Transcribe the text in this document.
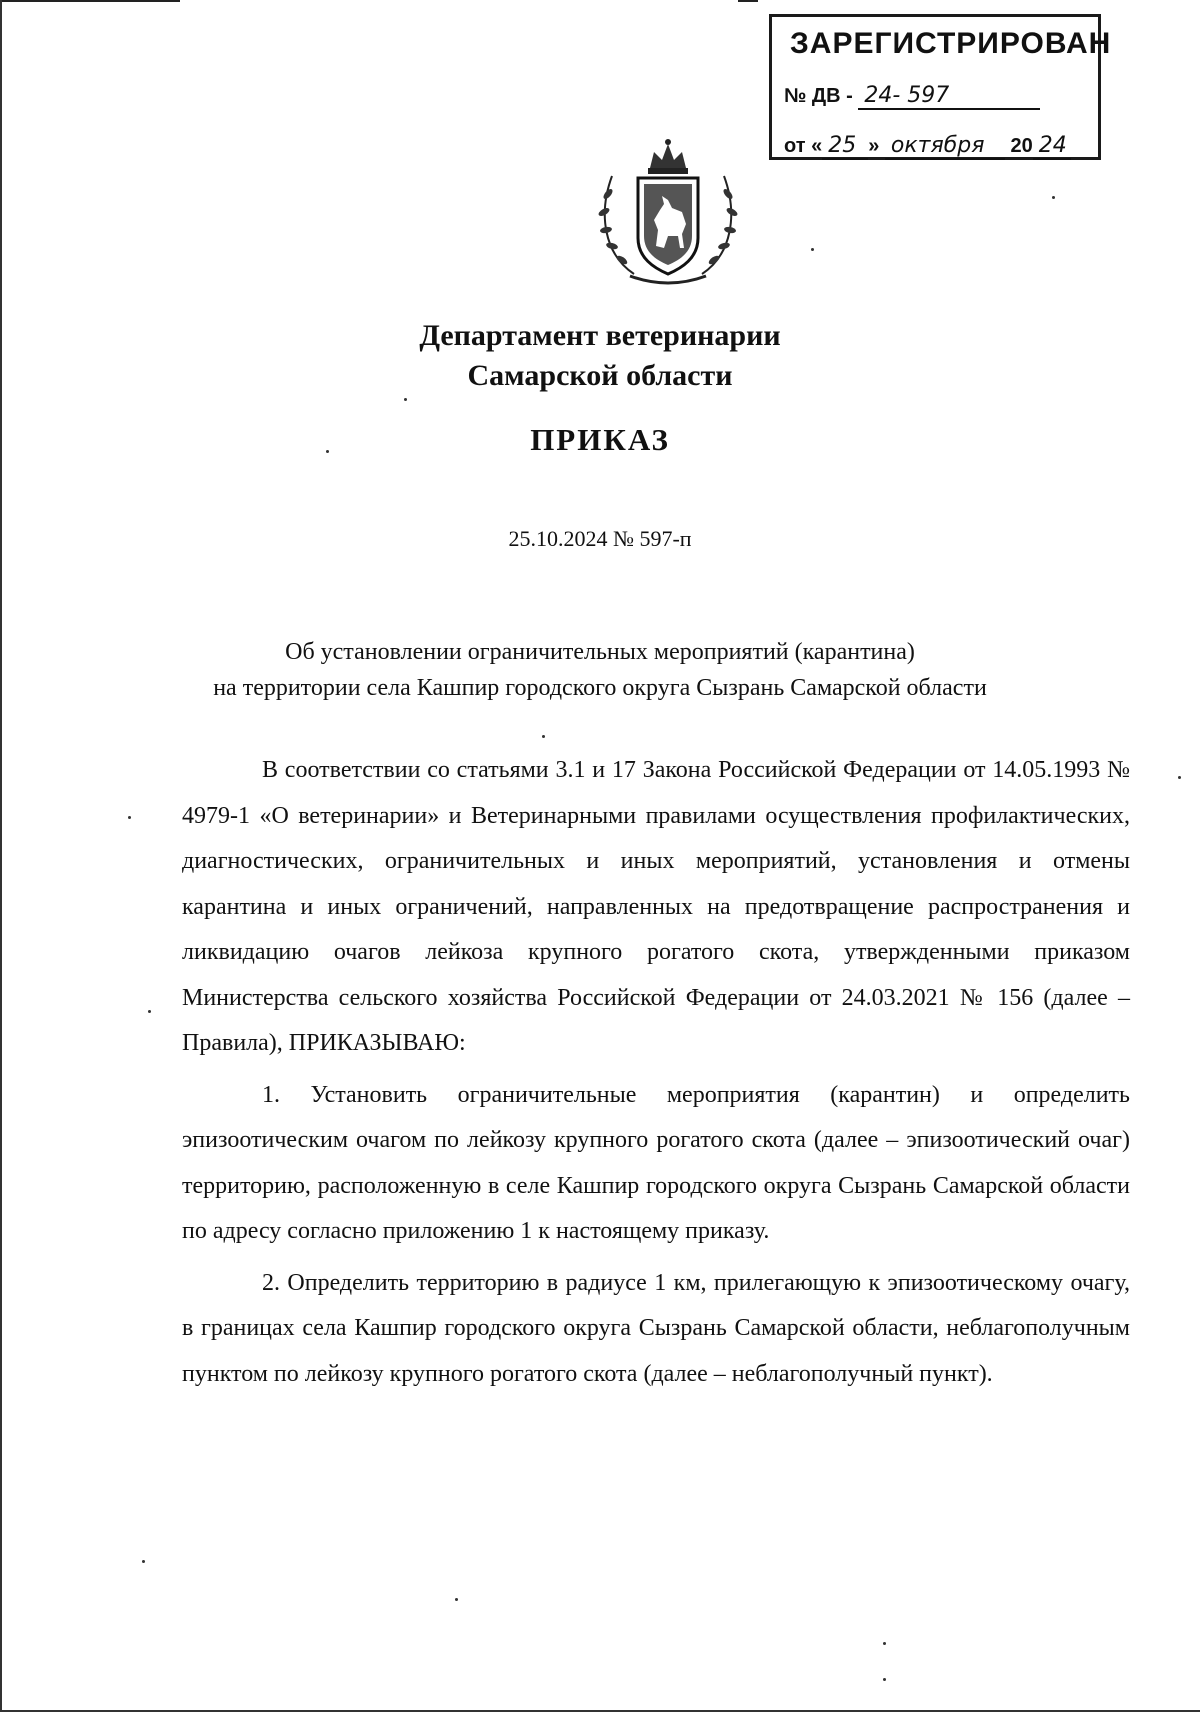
ЗАРЕГИСТРИРОВАН
№ ДВ - 24- 597
от « 25 » октября 20 24
Департамент ветеринарии
Самарской области
ПРИКАЗ
25.10.2024 № 597-п
Об установлении ограничительных мероприятий (карантина)
на территории села Кашпир городского округа Сызрань Самарской области

В соответствии со статьями 3.1 и 17 Закона Российской Федерации от 14.05.1993 № 4979-1 «О ветеринарии» и Ветеринарными правилами осуществления профилактических, диагностических, ограничительных и иных мероприятий, установления и отмены карантина и иных ограничений, направленных на предотвращение распространения и ликвидацию очагов лейкоза крупного рогатого скота, утвержденными приказом Министерства сельского хозяйства Российской Федерации от 24.03.2021 № 156 (далее – Правила), ПРИКАЗЫВАЮ:

1. Установить ограничительные мероприятия (карантин) и определить эпизоотическим очагом по лейкозу крупного рогатого скота (далее – эпизоотический очаг) территорию, расположенную в селе Кашпир городского округа Сызрань Самарской области по адресу согласно приложению 1 к настоящему приказу.

2. Определить территорию в радиусе 1 км, прилегающую к эпизоотическому очагу, в границах села Кашпир городского округа Сызрань Самарской области, неблагополучным пунктом по лейкозу крупного рогатого скота (далее – неблагополучный пункт).
